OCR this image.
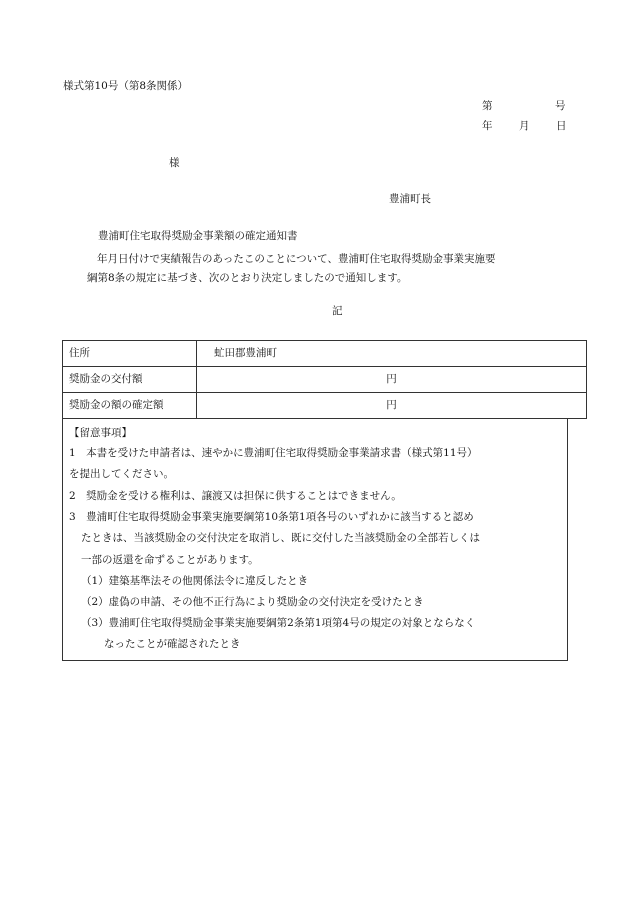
様式第10号（第8条関係）
第	号
年	月	日
様
豊浦町長
豊浦町住宅取得奨励金事業額の確定通知書
年月日付けで実績報告のあったこのことについて、豊浦町住宅取得奨励金事業実施要
綱第8条の規定に基づき、次のとおり決定しましたので通知します。
記
住所	虻田郡豊浦町
奨励金の交付額	円
奨励金の額の確定額	円
【留意事項】
1　本書を受けた申請者は、速やかに豊浦町住宅取得奨励金事業請求書（様式第11号）
を提出してください。
2　奨励金を受ける権利は、譲渡又は担保に供することはできません。
3　豊浦町住宅取得奨励金事業実施要綱第10条第1項各号のいずれかに該当すると認め
たときは、当該奨励金の交付決定を取消し、既に交付した当該奨励金の全部若しくは
一部の返還を命ずることがあります。
（1）建築基準法その他関係法令に違反したとき
（2）虚偽の申請、その他不正行為により奨励金の交付決定を受けたとき
（3）豊浦町住宅取得奨励金事業実施要綱第2条第1項第4号の規定の対象とならなく
なったことが確認されたとき
